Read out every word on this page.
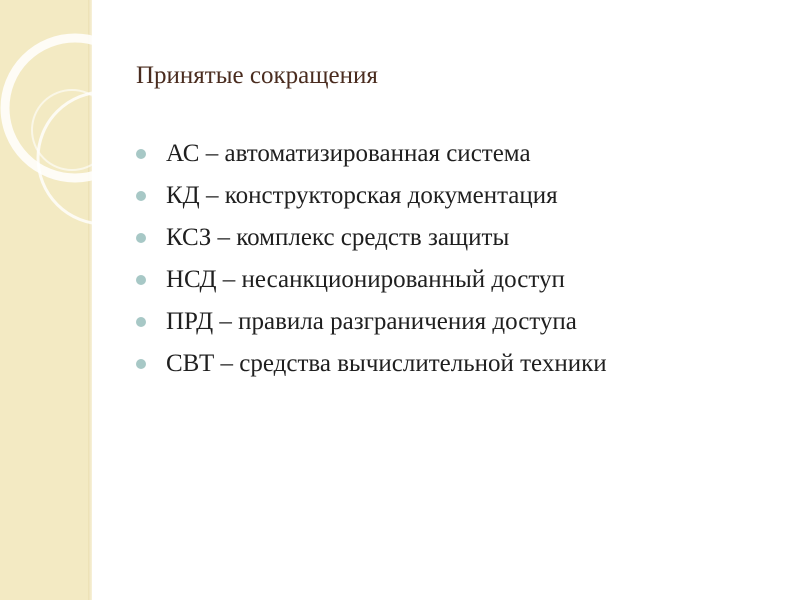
Принятые сокращения
АС – автоматизированная система
КД – конструкторская документация
КСЗ – комплекс средств защиты
НСД – несанкционированный доступ
ПРД – правила разграничения доступа
СВТ – средства вычислительной техники
